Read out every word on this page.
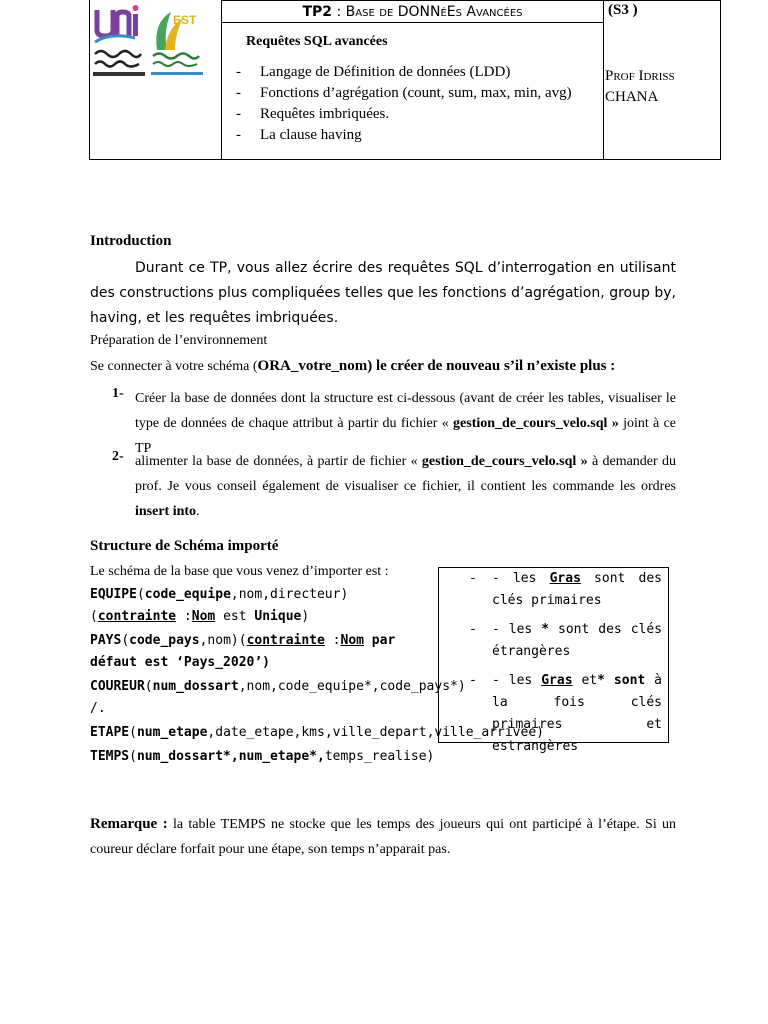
EST	TP2 : Base de DONNéEs Avancées
Requêtes SQL avancées
- Langage de Définition de données (LDD)
- Fonctions d’agrégation (count, sum, max, min, avg)
- Requêtes imbriquées.
- La clause having
(S3 )
Prof Idriss
CHANA
Introduction

Durant ce TP, vous allez écrire des requêtes SQL d’interrogation en utilisant des constructions plus compliquées telles que les fonctions d’agrégation, group by, having, et les requêtes imbriquées.

Préparation de l’environnement
Se connecter à votre schéma (ORA_votre_nom) le créer de nouveau s’il n’existe plus :
1- Créer la base de données dont la structure est ci-dessous (avant de créer les tables, visualiser le type de données de chaque attribut à partir du fichier « gestion_de_cours_velo.sql » joint à ce TP

2- alimenter la base de données, à partir de fichier « gestion_de_cours_velo.sql » à demander du prof. Je vous conseil également de visualiser ce fichier, il contient les commande les ordres insert into.

Structure de Schéma importé
Le schéma de la base que vous venez d’importer est :
EQUIPE(code_equipe,nom,directeur)
(contrainte :Nom est Unique)
PAYS(code_pays,nom)(contrainte :Nom par défaut est ‘Pays_2020’)
COUREUR(num_dossart,nom,code_equipe*,code_pays*) /.
ETAPE(num_etape,date_etape,kms,ville_depart,ville_arrivee)
TEMPS(num_dossart*,num_etape*,temps_realise)
- - les Gras sont des clés primaires
- - les * sont des clés étrangères
- - les Gras et* sont à la fois clés primaires et estrangères

Remarque : la table TEMPS ne stocke que les temps des joueurs qui ont participé à l’étape. Si un coureur déclare forfait pour une étape, son temps n’apparait pas.
